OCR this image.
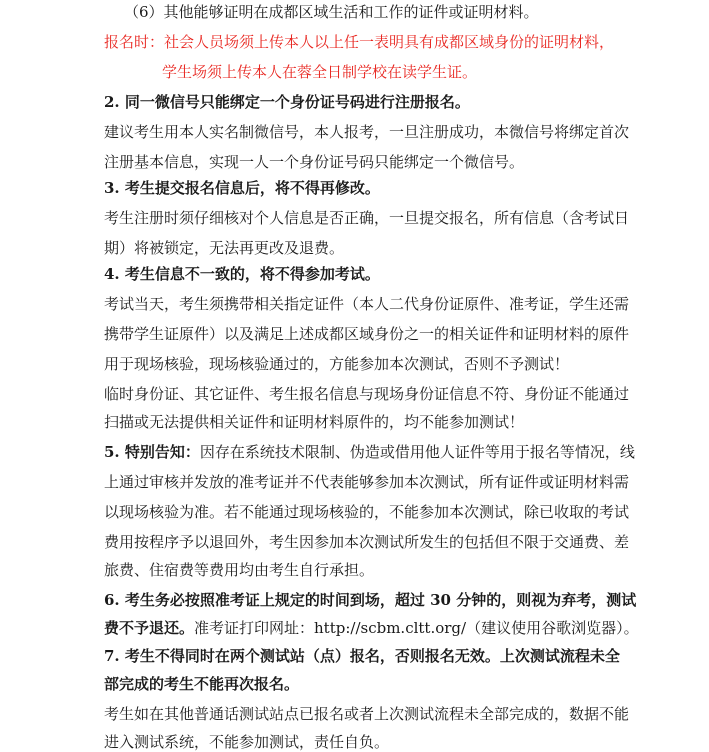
（6）其他能够证明在成都区域生活和工作的证件或证明材料。
报名时：社会人员场须上传本人以上任一表明具有成都区域身份的证明材料，
学生场须上传本人在蓉全日制学校在读学生证。
2. 同一微信号只能绑定一个身份证号码进行注册报名。
建议考生用本人实名制微信号，本人报考，一旦注册成功，本微信号将绑定首次
注册基本信息，实现一人一个身份证号码只能绑定一个微信号。
3. 考生提交报名信息后，将不得再修改。
考生注册时须仔细核对个人信息是否正确，一旦提交报名，所有信息（含考试日
期）将被锁定，无法再更改及退费。
4. 考生信息不一致的，将不得参加考试。
考试当天，考生须携带相关指定证件（本人二代身份证原件、准考证，学生还需
携带学生证原件）以及满足上述成都区域身份之一的相关证件和证明材料的原件
用于现场核验，现场核验通过的，方能参加本次测试，否则不予测试！
临时身份证、其它证件、考生报名信息与现场身份证信息不符、身份证不能通过
扫描或无法提供相关证件和证明材料原件的，均不能参加测试！
5. 特别告知：因存在系统技术限制、伪造或借用他人证件等用于报名等情况，线
上通过审核并发放的准考证并不代表能够参加本次测试，所有证件或证明材料需
以现场核验为准。若不能通过现场核验的，不能参加本次测试，除已收取的考试
费用按程序予以退回外，考生因参加本次测试所发生的包括但不限于交通费、差
旅费、住宿费等费用均由考生自行承担。
6. 考生务必按照准考证上规定的时间到场，超过 30 分钟的，则视为弃考，测试
费不予退还。准考证打印网址：http://scbm.cltt.org/（建议使用谷歌浏览器）。
7. 考生不得同时在两个测试站（点）报名，否则报名无效。上次测试流程未全
部完成的考生不能再次报名。
考生如在其他普通话测试站点已报名或者上次测试流程未全部完成的，数据不能
进入测试系统，不能参加测试，责任自负。
